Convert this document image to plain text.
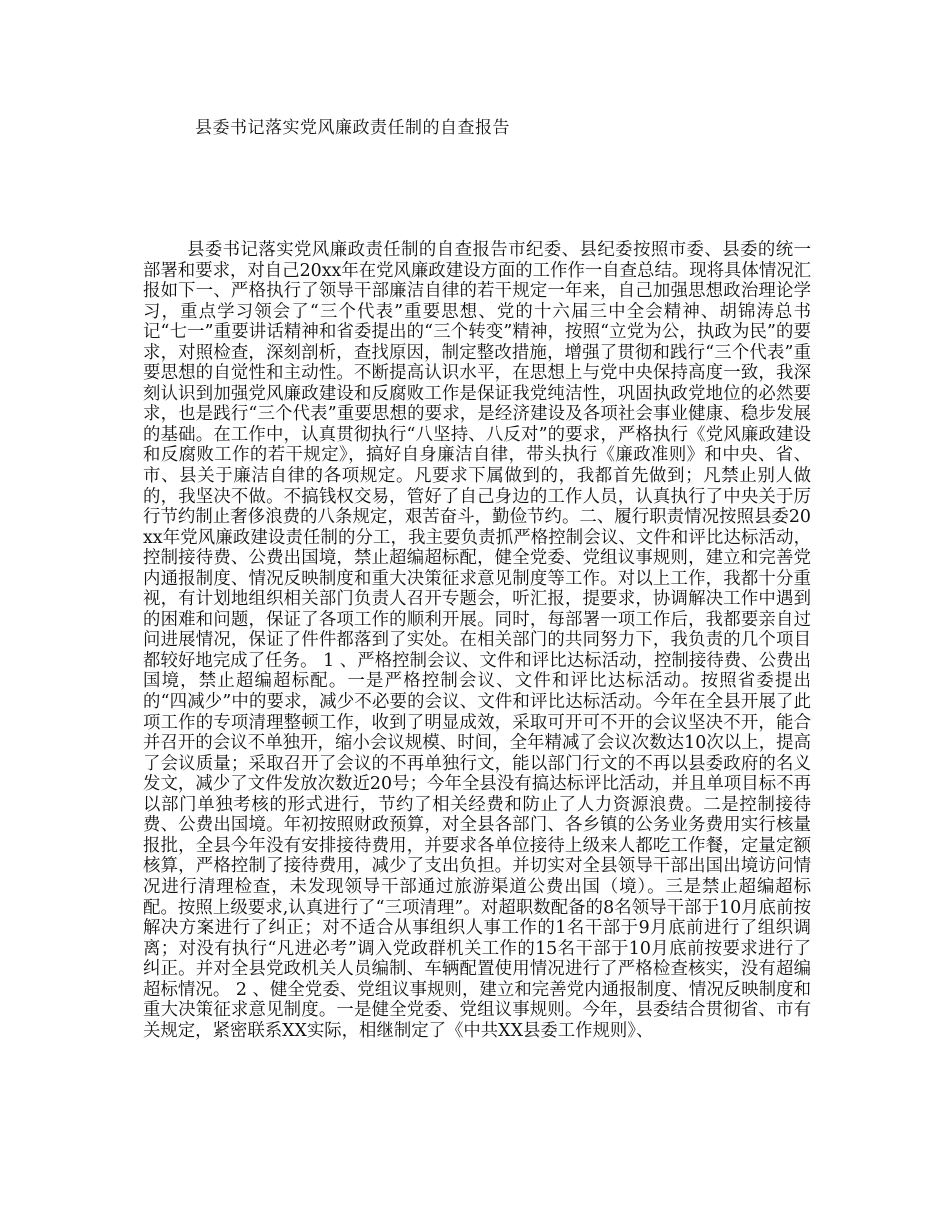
县委书记落实党风廉政责任制的自查报告

县委书记落实党风廉政责任制的自查报告市纪委、县纪委按照市委、县委的统一部署和要求，对自己20xx年在党风廉政建设方面的工作作一自查总结。现将具体情况汇报如下一、严格执行了领导干部廉洁自律的若干规定一年来，自己加强思想政治理论学习，重点学习领会了“三个代表”重要思想、党的十六届三中全会精神、胡锦涛总书记“七一”重要讲话精神和省委提出的“三个转变”精神，按照“立党为公，执政为民”的要求，对照检查，深刻剖析，查找原因，制定整改措施，增强了贯彻和践行“三个代表”重要思想的自觉性和主动性。不断提高认识水平，在思想上与党中央保持高度一致，我深刻认识到加强党风廉政建设和反腐败工作是保证我党纯洁性，巩固执政党地位的必然要求，也是践行“三个代表”重要思想的要求，是经济建设及各项社会事业健康、稳步发展的基础。在工作中，认真贯彻执行“八坚持、八反对”的要求，严格执行《党风廉政建设和反腐败工作的若干规定》，搞好自身廉洁自律，带头执行《廉政准则》和中央、省、市、县关于廉洁自律的各项规定。凡要求下属做到的，我都首先做到；凡禁止别人做的，我坚决不做。不搞钱权交易，管好了自己身边的工作人员，认真执行了中央关于厉行节约制止奢侈浪费的八条规定，艰苦奋斗，勤俭节约。二、履行职责情况按照县委20xx年党风廉政建设责任制的分工，我主要负责抓严格控制会议、文件和评比达标活动，控制接待费、公费出国境，禁止超编超标配，健全党委、党组议事规则，建立和完善党内通报制度、情况反映制度和重大决策征求意见制度等工作。对以上工作，我都十分重视，有计划地组织相关部门负责人召开专题会，听汇报，提要求，协调解决工作中遇到的困难和问题，保证了各项工作的顺利开展。同时，每部署一项工作后，我都要亲自过问进展情况，保证了件件都落到了实处。在相关部门的共同努力下，我负责的几个项目都较好地完成了任务。 1 、严格控制会议、文件和评比达标活动，控制接待费、公费出国境，禁止超编超标配。一是严格控制会议、文件和评比达标活动。按照省委提出的“四减少”中的要求，减少不必要的会议、文件和评比达标活动。今年在全县开展了此项工作的专项清理整顿工作，收到了明显成效，采取可开可不开的会议坚决不开，能合并召开的会议不单独开，缩小会议规模、时间，全年精减了会议次数达10次以上，提高了会议质量；采取召开了会议的不再单独行文，能以部门行文的不再以县委政府的名义发文，减少了文件发放次数近20号；今年全县没有搞达标评比活动，并且单项目标不再以部门单独考核的形式进行，节约了相关经费和防止了人力资源浪费。二是控制接待费、公费出国境。年初按照财政预算，对全县各部门、各乡镇的公务业务费用实行核量报批，全县今年没有安排接待费用，并要求各单位接待上级来人都吃工作餐，定量定额核算，严格控制了接待费用，减少了支出负担。并切实对全县领导干部出国出境访问情况进行清理检查，未发现领导干部通过旅游渠道公费出国（境）。三是禁止超编超标配。按照上级要求,认真进行了“三项清理”。对超职数配备的8名领导干部于10月底前按解决方案进行了纠正；对不适合从事组织人事工作的1名干部于9月底前进行了组织调离；对没有执行“凡进必考”调入党政群机关工作的15名干部于10月底前按要求进行了纠正。并对全县党政机关人员编制、车辆配置使用情况进行了严格检查核实，没有超编超标情况。 2 、健全党委、党组议事规则，建立和完善党内通报制度、情况反映制度和重大决策征求意见制度。一是健全党委、党组议事规则。今年，县委结合贯彻省、市有关规定，紧密联系XX实际，相继制定了《中共XX县委工作规则》、
